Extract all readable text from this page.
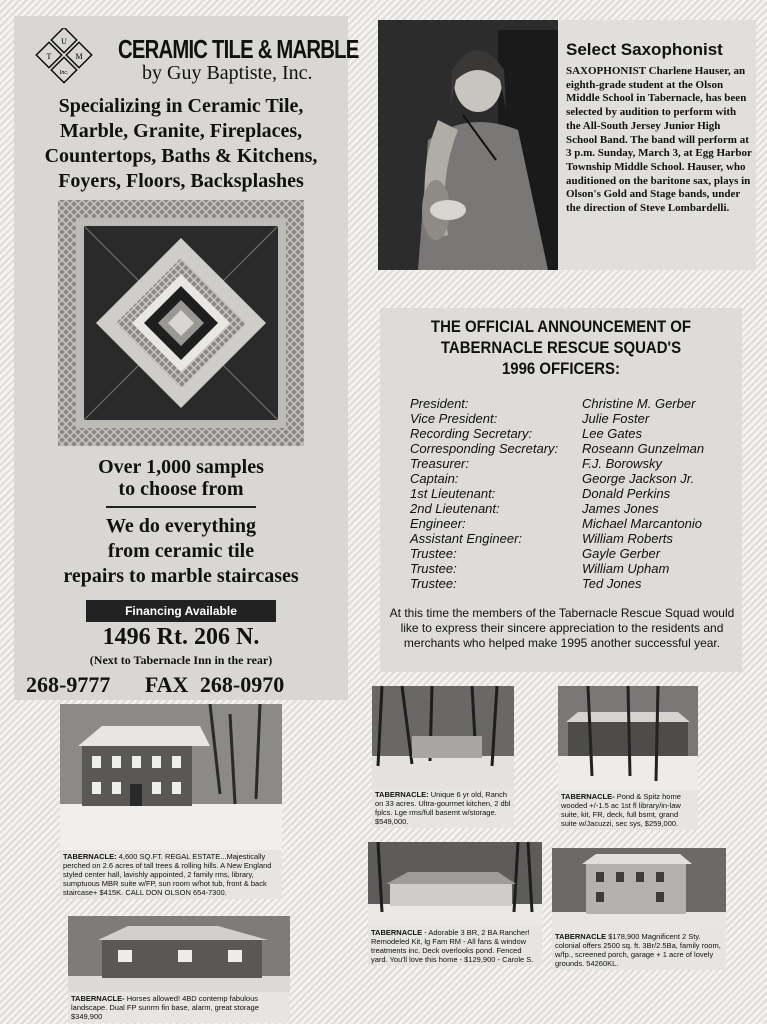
U
T	M
Inc.
CERAMIC TILE & MARBLE
by Guy Baptiste, Inc.
Specializing in Ceramic Tile,
Marble, Granite, Fireplaces,
Countertops, Baths & Kitchens,
Foyers, Floors, Backsplashes
Over 1,000 samples
to choose from
We do everything
from ceramic tile
repairs to marble staircases
Financing Available
1496 Rt. 206 N.
(Next to Tabernacle Inn in the rear)
268-9777 FAX 268-0970
Select Saxophonist
SAXOPHONIST Charlene Hauser, an eighth-grade student at the Olson Middle School in Tabernacle, has been selected by audition to perform with the All-South Jersey Junior High School Band. The band will perform at 3 p.m. Sunday, March 3, at Egg Harbor Township Middle School. Hauser, who auditioned on the baritone sax, plays in Olson's Gold and Stage bands, under the direction of Steve Lombardelli.
THE OFFICIAL ANNOUNCEMENT OF
TABERNACLE RESCUE SQUAD'S
1996 OFFICERS:
President:	Christine M. Gerber
Vice President:	Julie Foster
Recording Secretary:	Lee Gates
Corresponding Secretary: Roseann Gunzelman
Treasurer:	F.J. Borowsky
Captain:	George Jackson Jr.
1st Lieutenant:	Donald Perkins
2nd Lieutenant:	James Jones
Engineer:	Michael Marcantonio
Assistant Engineer:	William Roberts
Trustee:	Gayle Gerber
Trustee:	William Upham
Trustee:	Ted Jones
At this time the members of the Tabernacle Rescue Squad would like to express their sincere appreciation to the residents and merchants who helped make 1995 another successful year.
TABERNACLE: 4,600 SQ.FT. REGAL ESTATE...Majestically perched on 2.6 acres of tall trees & rolling hills. A New England styled center hall, lavishly appointed, 2 family rms, library, sumptuous MBR suite w/FP, sun room w/hot tub, front & back staircase+ $415K. CALL DON OLSON 654-7300.
TABERNACLE: Unique 6 yr old, Ranch on 33 acres. Ultra-gourmet kitchen, 2 dbl fplcs. Lge rms/full basemt w/storage. $549,000.
TABERNACLE- Pond & Spitz home wooded +/-1.5 ac 1st fl library/in-law suite, kit, FR, deck, full bsmt, grand suite w/Jacuzzi, sec sys, $259,000.
TABERNACLE - Adorable 3 BR, 2 BA Rancher! Remodeled Kit, lg Fam RM - All fans & window treatments inc. Deck overlooks pond. Fenced yard. You'll love this home - $129,900 - Carole S.
TABERNACLE $178,900 Magnificent 2 Sty. colonial offers 2500 sq. ft. 3Br/2.5Ba, family room, w/fp., screened porch, garage + 1 acre of lovely grounds. 54260KL.
TABERNACLE- Horses allowed! 4BD contemp fabulous landscape. Dual FP sunrm fin base, alarm, great storage $349,900
